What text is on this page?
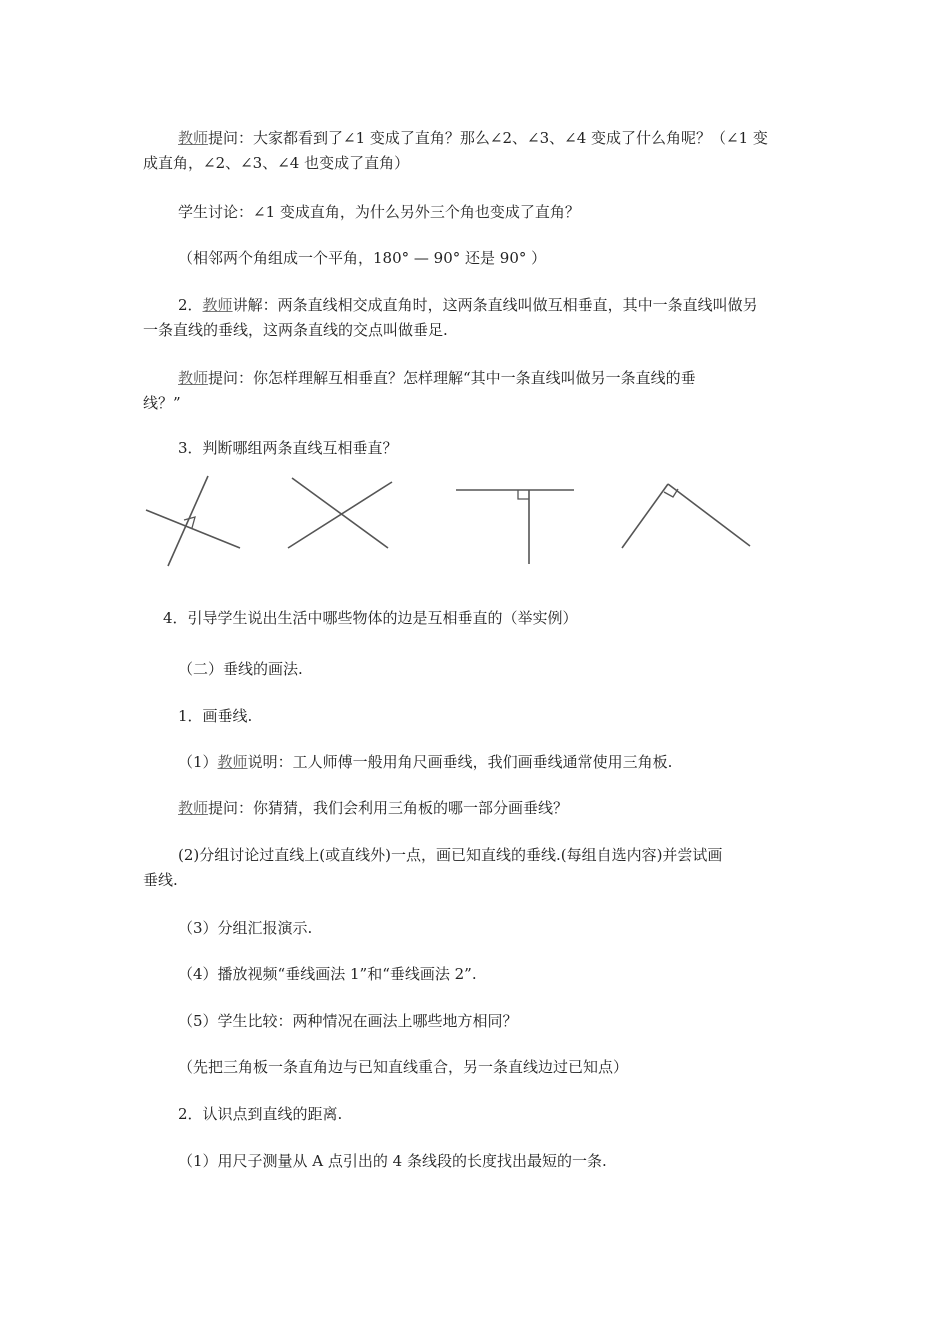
教师提问：大家都看到了∠1 变成了直角？那么∠2、∠3、∠4 变成了什么角呢？（∠1 变
成直角，∠2、∠3、∠4 也变成了直角）
学生讨论：∠1 变成直角，为什么另外三个角也变成了直角？
（相邻两个角组成一个平角，180° — 90° 还是 90° ）
2．教师讲解：两条直线相交成直角时，这两条直线叫做互相垂直，其中一条直线叫做另
一条直线的垂线，这两条直线的交点叫做垂足.
教师提问：你怎样理解互相垂直？怎样理解“其中一条直线叫做另一条直线的垂
线？”
3．判断哪组两条直线互相垂直？
4．引导学生说出生活中哪些物体的边是互相垂直的（举实例）
（二）垂线的画法.
1．画垂线.
（1）教师说明：工人师傅一般用角尺画垂线，我们画垂线通常使用三角板.
教师提问：你猜猜，我们会利用三角板的哪一部分画垂线？
(2)分组讨论过直线上(或直线外)一点，画已知直线的垂线.(每组自选内容)并尝试画
垂线.
（3）分组汇报演示.
（4）播放视频“垂线画法 1”和“垂线画法 2”.
（5）学生比较：两种情况在画法上哪些地方相同？
（先把三角板一条直角边与已知直线重合，另一条直线边过已知点）
2．认识点到直线的距离.
（1）用尺子测量从 A 点引出的 4 条线段的长度找出最短的一条.
